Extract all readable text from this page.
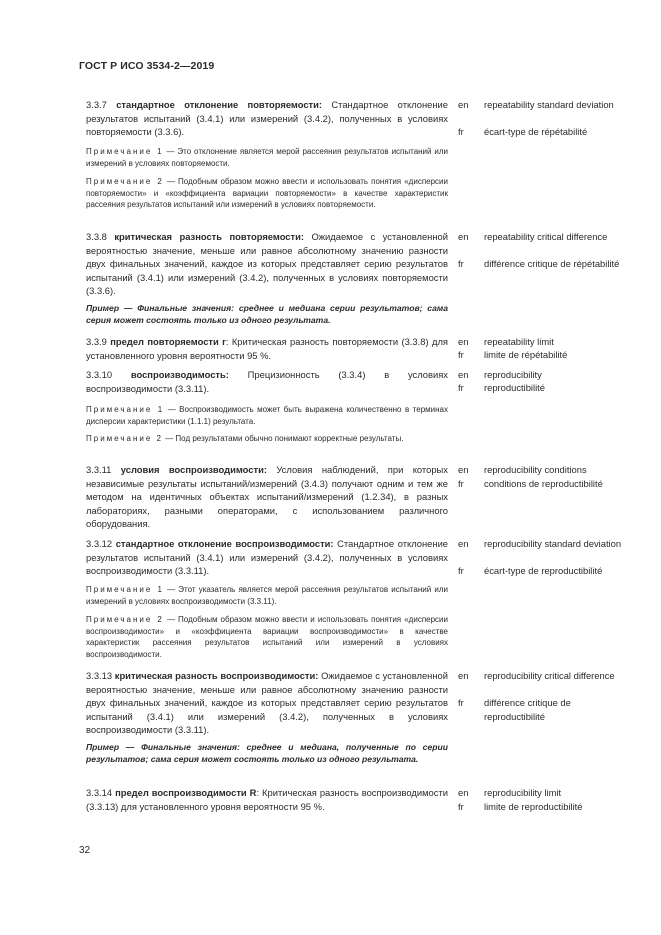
ГОСТ Р ИСО 3534-2—2019
3.3.7 стандартное отклонение повторяемости: Стандартное отклонение результатов испытаний (3.4.1) или измерений (3.4.2), полученных в условиях повторяемости (3.3.6).
en	repeatability standard deviation
fr	écart-type de répétabilité
Примечание 1 — Это отклонение является мерой рассеяния результатов испытаний или измерений в условиях повторяемости.
Примечание 2 — Подобным образом можно ввести и использовать понятия «дисперсии повторяемости» и «коэффициента вариации повторяемости» в качестве характеристик рассеяния результатов испытаний или измерений в условиях повторяемости.
3.3.8 критическая разность повторяемости: Ожидаемое с установленной вероятностью значение, меньше или равное абсолютному значению разности двух финальных значений, каждое из которых представляет серию результатов испытаний (3.4.1) или измерений (3.4.2), полученных в условиях повторяемости (3.3.6).
en	repeatability critical difference
fr	différence critique de répétabilité
Пример — Финальные значения: среднее и медиана серии результатов; сама серия может состоять только из одного результата.
3.3.9 предел повторяемости r: Критическая разность повторяемости (3.3.8) для установленного уровня вероятности 95 %.
en	repeatability limit
fr	limite de répétabilité
3.3.10 воспроизводимость: Прецизионность (3.3.4) в условиях воспроизводимости (3.3.11).
en	reproducibility
fr	reproductibilité
Примечание 1 — Воспроизводимость может быть выражена количественно в терминах дисперсии характеристики (1.1.1) результата.
Примечание 2 — Под результатами обычно понимают корректные результаты.
3.3.11 условия воспроизводимости: Условия наблюдений, при которых независимые результаты испытаний/измерений (3.4.3) получают одним и тем же методом на идентичных объектах испытаний/измерений (1.2.34), в разных лабораториях, разными операторами, с использованием различного оборудования.
en	reproducibility conditions
fr	conditions de reproductibilité
3.3.12 стандартное отклонение воспроизводимости: Стандартное отклонение результатов испытаний (3.4.1) или измерений (3.4.2), полученных в условиях воспроизводимости (3.3.11).
en	reproducibility standard deviation
fr	écart-type de reproductibilité
Примечание 1 — Этот указатель является мерой рассеяния результатов испытаний или измерений в условиях воспроизводимости (3.3.11).
Примечание 2 — Подобным образом можно ввести и использовать понятия «дисперсии воспроизводимости» и «коэффициента вариации воспроизводимости» в качестве характеристик рассеяния результатов испытаний или измерений в условиях воспроизводимости.
3.3.13 критическая разность воспроизводимости: Ожидаемое с установленной вероятностью значение, меньше или равное абсолютному значению разности двух финальных значений, каждое из которых представляет серию результатов испытаний (3.4.1) или измерений (3.4.2), полученных в условиях воспроизводимости (3.3.11).
en	reproducibility critical difference
fr	différence critique de reproductibilité
Пример — Финальные значения: среднее и медиана, полученные по серии результатов; сама серия может состоять только из одного результата.
3.3.14 предел воспроизводимости R: Критическая разность воспроизводимости (3.3.13) для установленного уровня вероятности 95 %.
en	reproducibility limit
fr	limite de reproductibilité
32
